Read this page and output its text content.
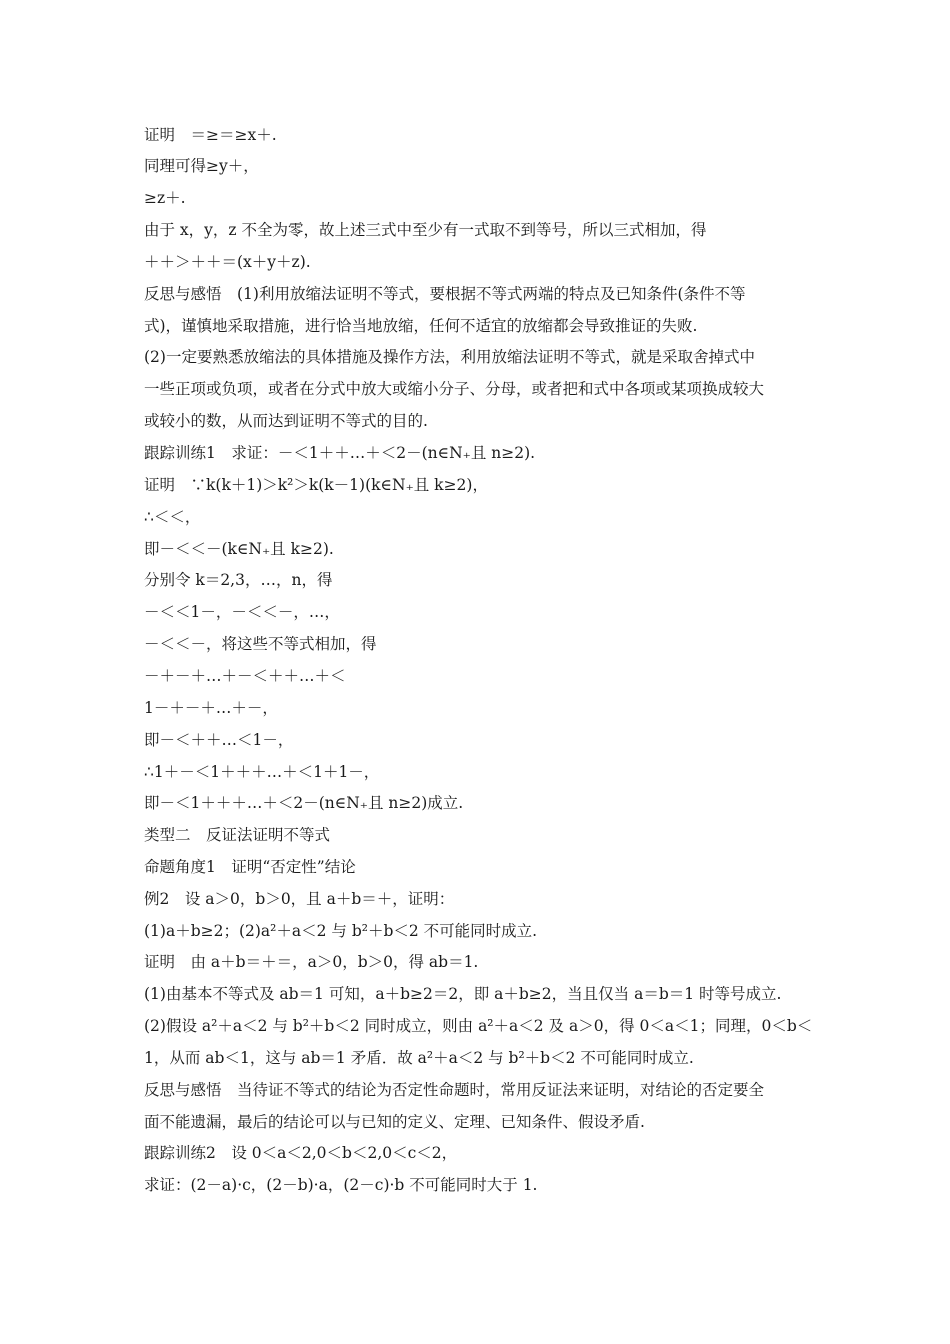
证明　＝≥＝≥x＋.
同理可得≥y＋，
≥z＋.
由于 x，y，z 不全为零，故上述三式中至少有一式取不到等号，所以三式相加，得
＋＋＞＋＋＝(x＋y＋z).
反思与感悟　(1)利用放缩法证明不等式，要根据不等式两端的特点及已知条件(条件不等
式)，谨慎地采取措施，进行恰当地放缩，任何不适宜的放缩都会导致推证的失败.
(2)一定要熟悉放缩法的具体措施及操作方法，利用放缩法证明不等式，就是采取舍掉式中
一些正项或负项，或者在分式中放大或缩小分子、分母，或者把和式中各项或某项换成较大
或较小的数，从而达到证明不等式的目的.
跟踪训练1　求证：－＜1＋＋…＋＜2－(n∈N₊且 n≥2).
证明　∵k(k＋1)＞k²＞k(k－1)(k∈N₊且 k≥2)，
∴＜＜，
即－＜＜－(k∈N₊且 k≥2).
分别令 k＝2,3，…，n，得
－＜＜1－，－＜＜－，…，
－＜＜－，将这些不等式相加，得
－＋－＋…＋－＜＋＋…＋＜
1－＋－＋…＋－，
即－＜＋＋…＜1－，
∴1＋－＜1＋＋＋…＋＜1＋1－，
即－＜1＋＋＋…＋＜2－(n∈N₊且 n≥2)成立.
类型二　反证法证明不等式
命题角度1　证明“否定性”结论
例2　设 a＞0，b＞0，且 a＋b＝＋，证明：
(1)a＋b≥2；(2)a²＋a＜2 与 b²＋b＜2 不可能同时成立.
证明　由 a＋b＝＋＝，a＞0，b＞0，得 ab＝1.
(1)由基本不等式及 ab＝1 可知，a＋b≥2＝2，即 a＋b≥2，当且仅当 a＝b＝1 时等号成立.
(2)假设 a²＋a＜2 与 b²＋b＜2 同时成立，则由 a²＋a＜2 及 a＞0，得 0＜a＜1；同理，0＜b＜
1，从而 ab＜1，这与 ab＝1 矛盾．故 a²＋a＜2 与 b²＋b＜2 不可能同时成立.
反思与感悟　当待证不等式的结论为否定性命题时，常用反证法来证明，对结论的否定要全
面不能遗漏，最后的结论可以与已知的定义、定理、已知条件、假设矛盾.
跟踪训练2　设 0＜a＜2,0＜b＜2,0＜c＜2，
求证：(2－a)·c，(2－b)·a，(2－c)·b 不可能同时大于 1.
